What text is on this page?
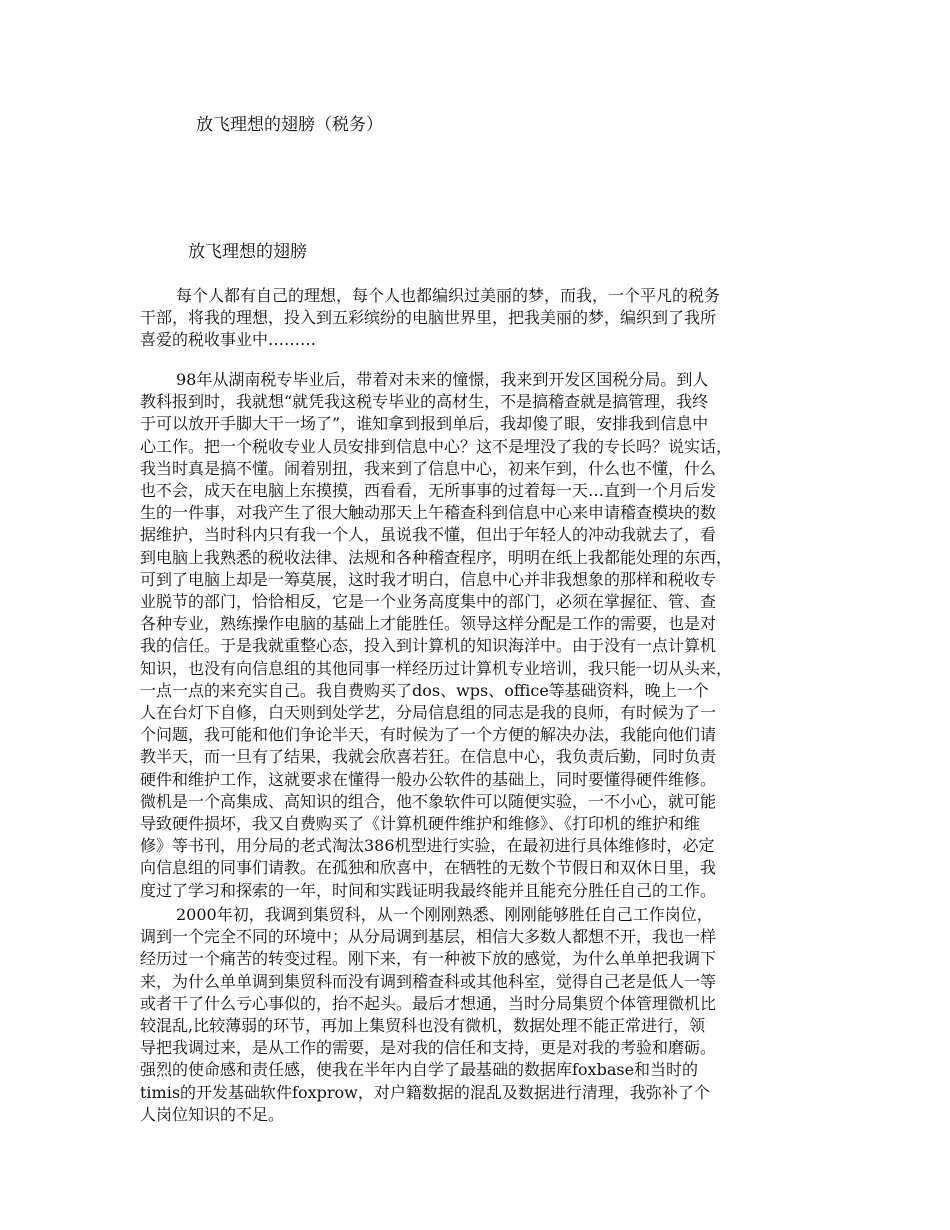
放飞理想的翅膀（税务）
放飞理想的翅膀
每个人都有自己的理想，每个人也都编织过美丽的梦，而我，一个平凡的税务
干部，将我的理想，投入到五彩缤纷的电脑世界里，把我美丽的梦，编织到了我所
喜爱的税收事业中………
98年从湖南税专毕业后，带着对未来的憧憬，我来到开发区国税分局。到人
教科报到时，我就想“就凭我这税专毕业的高材生，不是搞稽查就是搞管理，我终
于可以放开手脚大干一场了”，谁知拿到报到单后，我却傻了眼，安排我到信息中
心工作。把一个税收专业人员安排到信息中心？这不是埋没了我的专长吗？说实话，
我当时真是搞不懂。闹着别扭，我来到了信息中心，初来乍到，什么也不懂，什么
也不会，成天在电脑上东摸摸，西看看，无所事事的过着每一天…直到一个月后发
生的一件事，对我产生了很大触动那天上午稽查科到信息中心来申请稽查模块的数
据维护，当时科内只有我一个人，虽说我不懂，但出于年轻人的冲动我就去了，看
到电脑上我熟悉的税收法律、法规和各种稽查程序，明明在纸上我都能处理的东西，
可到了电脑上却是一筹莫展，这时我才明白，信息中心并非我想象的那样和税收专
业脱节的部门，恰恰相反，它是一个业务高度集中的部门，必须在掌握征、管、查
各种专业，熟练操作电脑的基础上才能胜任。领导这样分配是工作的需要，也是对
我的信任。于是我就重整心态，投入到计算机的知识海洋中。由于没有一点计算机
知识，也没有向信息组的其他同事一样经历过计算机专业培训，我只能一切从头来，
一点一点的来充实自己。我自费购买了dos、wps、office等基础资料，晚上一个
人在台灯下自修，白天则到处学艺，分局信息组的同志是我的良师，有时候为了一
个问题，我可能和他们争论半天，有时候为了一个方便的解决办法，我能向他们请
教半天，而一旦有了结果，我就会欣喜若狂。在信息中心，我负责后勤，同时负责
硬件和维护工作，这就要求在懂得一般办公软件的基础上，同时要懂得硬件维修。
微机是一个高集成、高知识的组合，他不象软件可以随便实验，一不小心，就可能
导致硬件损坏，我又自费购买了《计算机硬件维护和维修》、《打印机的维护和维
修》等书刊，用分局的老式淘汰386机型进行实验，在最初进行具体维修时，必定
向信息组的同事们请教。在孤独和欣喜中，在牺牲的无数个节假日和双休日里，我
度过了学习和探索的一年，时间和实践证明我最终能并且能充分胜任自己的工作。
2000年初，我调到集贸科，从一个刚刚熟悉、刚刚能够胜任自己工作岗位，
调到一个完全不同的环境中；从分局调到基层，相信大多数人都想不开，我也一样
经历过一个痛苦的转变过程。刚下来，有一种被下放的感觉，为什么单单把我调下
来，为什么单单调到集贸科而没有调到稽查科或其他科室，觉得自己老是低人一等
或者干了什么亏心事似的，抬不起头。最后才想通，当时分局集贸个体管理微机比
较混乱,比较薄弱的环节，再加上集贸科也没有微机，数据处理不能正常进行，领
导把我调过来，是从工作的需要，是对我的信任和支持，更是对我的考验和磨砺。
强烈的使命感和责任感，使我在半年内自学了最基础的数据库foxbase和当时的
timis的开发基础软件foxprow，对户籍数据的混乱及数据进行清理，我弥补了个
人岗位知识的不足。
